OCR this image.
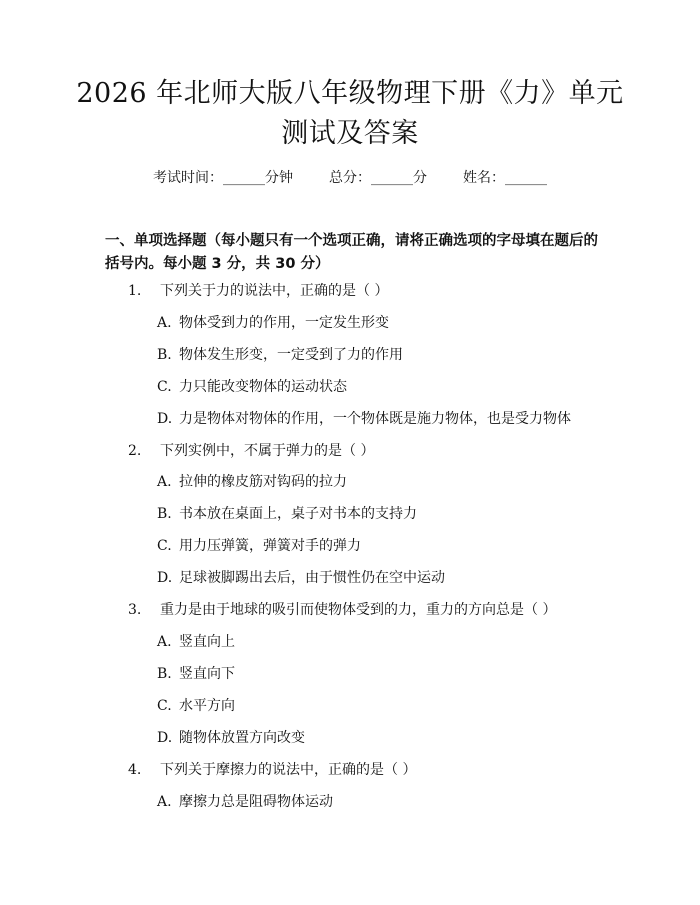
2026 年北师大版八年级物理下册《力》单元
测试及答案
考试时间：______分钟	总分：______分	姓名：______
一、单项选择题（每小题只有一个选项正确，请将正确选项的字母填在题后的括号内。每小题 3 分，共 30 分）
1. 下列关于力的说法中，正确的是（ ）
A. 物体受到力的作用，一定发生形变
B. 物体发生形变，一定受到了力的作用
C. 力只能改变物体的运动状态
D. 力是物体对物体的作用，一个物体既是施力物体，也是受力物体
2. 下列实例中，不属于弹力的是（ ）
A. 拉伸的橡皮筋对钩码的拉力
B. 书本放在桌面上，桌子对书本的支持力
C. 用力压弹簧，弹簧对手的弹力
D. 足球被脚踢出去后，由于惯性仍在空中运动
3. 重力是由于地球的吸引而使物体受到的力，重力的方向总是（ ）
A. 竖直向上
B. 竖直向下
C. 水平方向
D. 随物体放置方向改变
4. 下列关于摩擦力的说法中，正确的是（ ）
A. 摩擦力总是阻碍物体运动
